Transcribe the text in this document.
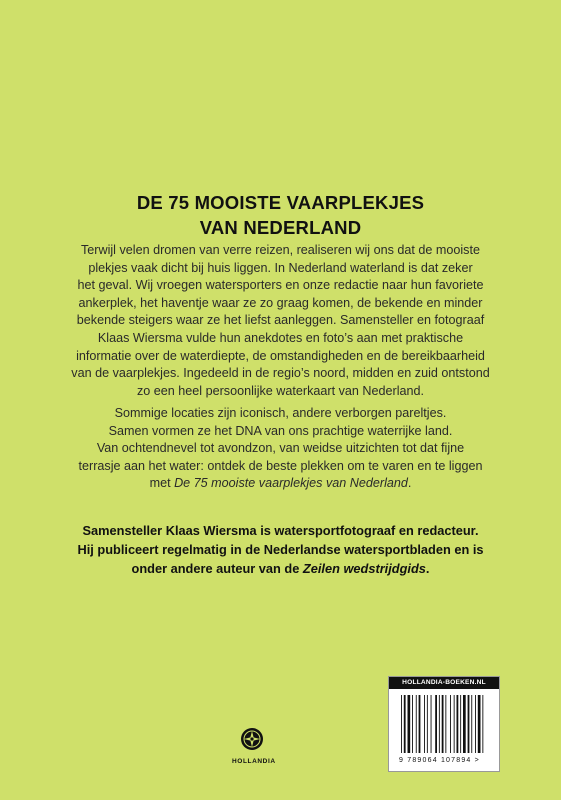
DE 75 MOOISTE VAARPLEKJES
VAN NEDERLAND
Terwijl velen dromen van verre reizen, realiseren wij ons dat de mooiste
plekjes vaak dicht bij huis liggen. In Nederland waterland is dat zeker
het geval. Wij vroegen watersporters en onze redactie naar hun favoriete
ankerplek, het haventje waar ze zo graag komen, de bekende en minder
bekende steigers waar ze het liefst aanleggen. Samensteller en fotograaf
Klaas Wiersma vulde hun anekdotes en foto’s aan met praktische
informatie over de waterdiepte, de omstandigheden en de bereikbaarheid
van de vaarplekjes. Ingedeeld in de regio’s noord, midden en zuid ontstond
zo een heel persoonlijke waterkaart van Nederland.
Sommige locaties zijn iconisch, andere verborgen pareltjes.
Samen vormen ze het DNA van ons prachtige waterrijke land.
Van ochtendnevel tot avondzon, van weidse uitzichten tot dat fijne
terrasje aan het water: ontdek de beste plekken om te varen en te liggen
met De 75 mooiste vaarplekjes van Nederland.
Samensteller Klaas Wiersma is watersportfotograaf en redacteur.
Hij publiceert regelmatig in de Nederlandse watersportbladen en is
onder andere auteur van de Zeilen wedstrijdgids.
HOLLANDIA
HOLLANDIA-BOEKEN.NL
9 789064 107894 >
